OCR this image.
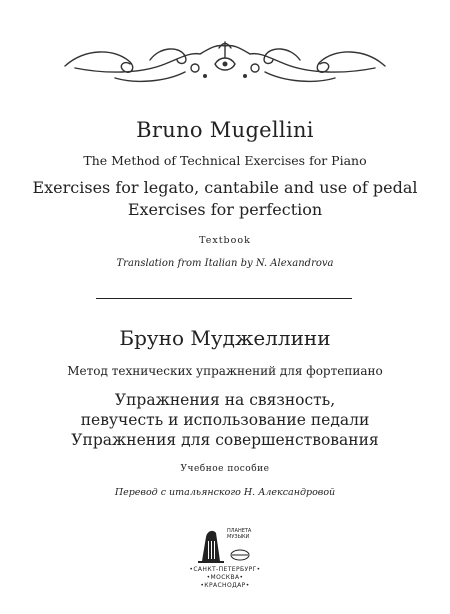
Bruno Mugellini
The Method of Technical Exercises for Piano
Exercises for legato, cantabile and use of pedal
Exercises for perfection
Textbook
Translation from Italian by N. Alexandrova
Бруно Муджеллини
Метод технических упражнений для фортепиано
Упражнения на связность,
певучесть и использование педали
Упражнения для совершенствования
Учебное пособие
Перевод с итальянского Н. Александровой
ПЛАНЕТА
МУЗЫКИ
•САНКТ-ПЕТЕРБУРГ•
•МОСКВА•
•КРАСНОДАР•
